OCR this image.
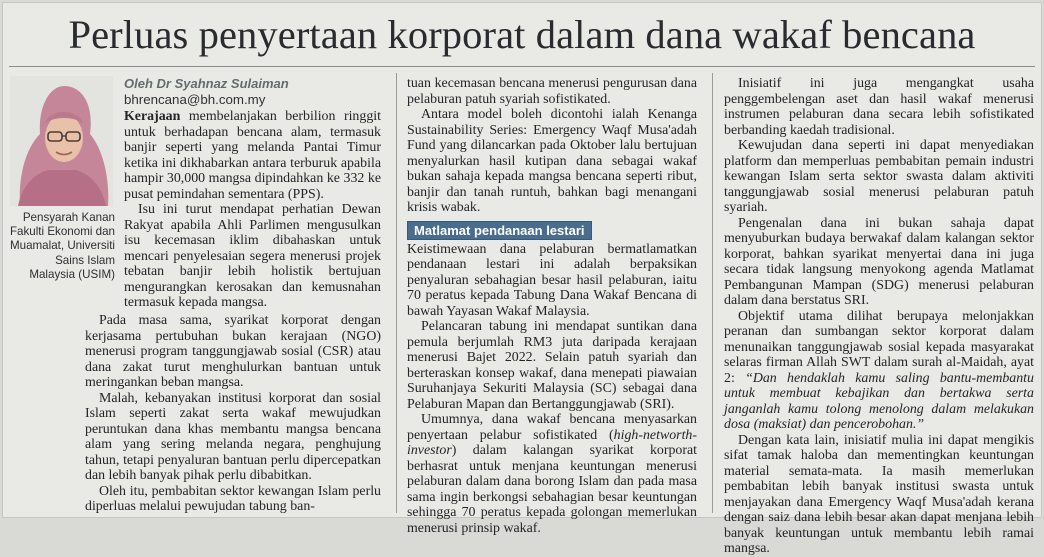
Perluas penyertaan korporat dalam dana wakaf bencana
Pensyarah Kanan Fakulti Ekonomi dan Muamalat, Universiti Sains Islam Malaysia (USIM)
Oleh Dr Syahnaz Sulaiman
bhrencana@bh.com.my

Kerajaan membelanjakan berbilion ringgit untuk berhadapan bencana alam, termasuk banjir seperti yang melanda Pantai Timur ketika ini dikhabarkan antara terburuk apabila hampir 30,000 mangsa dipindahkan ke 332 ke pusat pemindahan sementara (PPS).

Isu ini turut mendapat perhatian Dewan Rakyat apabila Ahli Parlimen mengusulkan isu kecemasan iklim dibahaskan untuk mencari penyelesaian segera menerusi projek tebatan banjir lebih holistik bertujuan mengurangkan kerosakan dan kemusnahan termasuk kepada mangsa.

Pada masa sama, syarikat korporat dengan kerjasama pertubuhan bukan kerajaan (NGO) menerusi program tanggungjawab sosial (CSR) atau dana zakat turut menghulurkan bantuan untuk meringankan beban mangsa.

Malah, kebanyakan institusi korporat dan sosial Islam seperti zakat serta wakaf mewujudkan peruntukan dana khas membantu mangsa bencana alam yang sering melanda negara, penghujung tahun, tetapi penyaluran bantuan perlu dipercepatkan dan lebih banyak pihak perlu dibabitkan.

Oleh itu, pembabitan sektor kewangan Islam perlu diperluas melalui pewujudan tabung ban-

tuan kecemasan bencana menerusi pengurusan dana pelaburan patuh syariah sofistikated.

Antara model boleh dicontohi ialah Kenanga Sustainability Series: Emergency Waqf Musa'adah Fund yang dilancarkan pada Oktober lalu bertujuan menyalurkan hasil kutipan dana sebagai wakaf bukan sahaja kepada mangsa bencana seperti ribut, banjir dan tanah runtuh, bahkan bagi menangani krisis wabak.

Matlamat pendanaan lestari

Keistimewaan dana pelaburan bermatlamatkan pendanaan lestari ini adalah berpaksikan penyaluran sebahagian besar hasil pelaburan, iaitu 70 peratus kepada Tabung Dana Wakaf Bencana di bawah Yayasan Wakaf Malaysia.

Pelancaran tabung ini mendapat suntikan dana pemula berjumlah RM3 juta daripada kerajaan menerusi Bajet 2022. Selain patuh syariah dan berteraskan konsep wakaf, dana menepati piawaian Suruhanjaya Sekuriti Malaysia (SC) sebagai dana Pelaburan Mapan dan Bertanggungjawab (SRI).

Umumnya, dana wakaf bencana menyasarkan penyertaan pelabur sofistikated (high-networth-investor) dalam kalangan syarikat korporat berhasrat untuk menjana keuntungan menerusi pelaburan dalam dana borong Islam dan pada masa sama ingin berkongsi sebahagian besar keuntungan sehingga 70 peratus kepada golongan memerlukan menerusi prinsip wakaf.

Inisiatif ini juga mengangkat usaha penggembelengan aset dan hasil wakaf menerusi instrumen pelaburan dana secara lebih sofistikated berbanding kaedah tradisional.

Kewujudan dana seperti ini dapat menyediakan platform dan memperluas pembabitan pemain industri kewangan Islam serta sektor swasta dalam aktiviti tanggungjawab sosial menerusi pelaburan patuh syariah.

Pengenalan dana ini bukan sahaja dapat menyuburkan budaya berwakaf dalam kalangan sektor korporat, bahkan syarikat menyertai dana ini juga secara tidak langsung menyokong agenda Matlamat Pembangunan Mampan (SDG) menerusi pelaburan dalam dana berstatus SRI.

Objektif utama dilihat berupaya melonjakkan peranan dan sumbangan sektor korporat dalam menunaikan tanggungjawab sosial kepada masyarakat selaras firman Allah SWT dalam surah al-Maidah, ayat 2: “Dan hendaklah kamu saling bantu-membantu untuk membuat kebajikan dan bertakwa serta janganlah kamu tolong menolong dalam melakukan dosa (maksiat) dan pencerobohan.”

Dengan kata lain, inisiatif mulia ini dapat mengikis sifat tamak haloba dan mementingkan keuntungan material semata-mata. Ia masih memerlukan pembabitan lebih banyak institusi swasta untuk menjayakan dana Emergency Waqf Musa'adah kerana dengan saiz dana lebih besar akan dapat menjana lebih banyak keuntungan untuk membantu lebih ramai mangsa.
